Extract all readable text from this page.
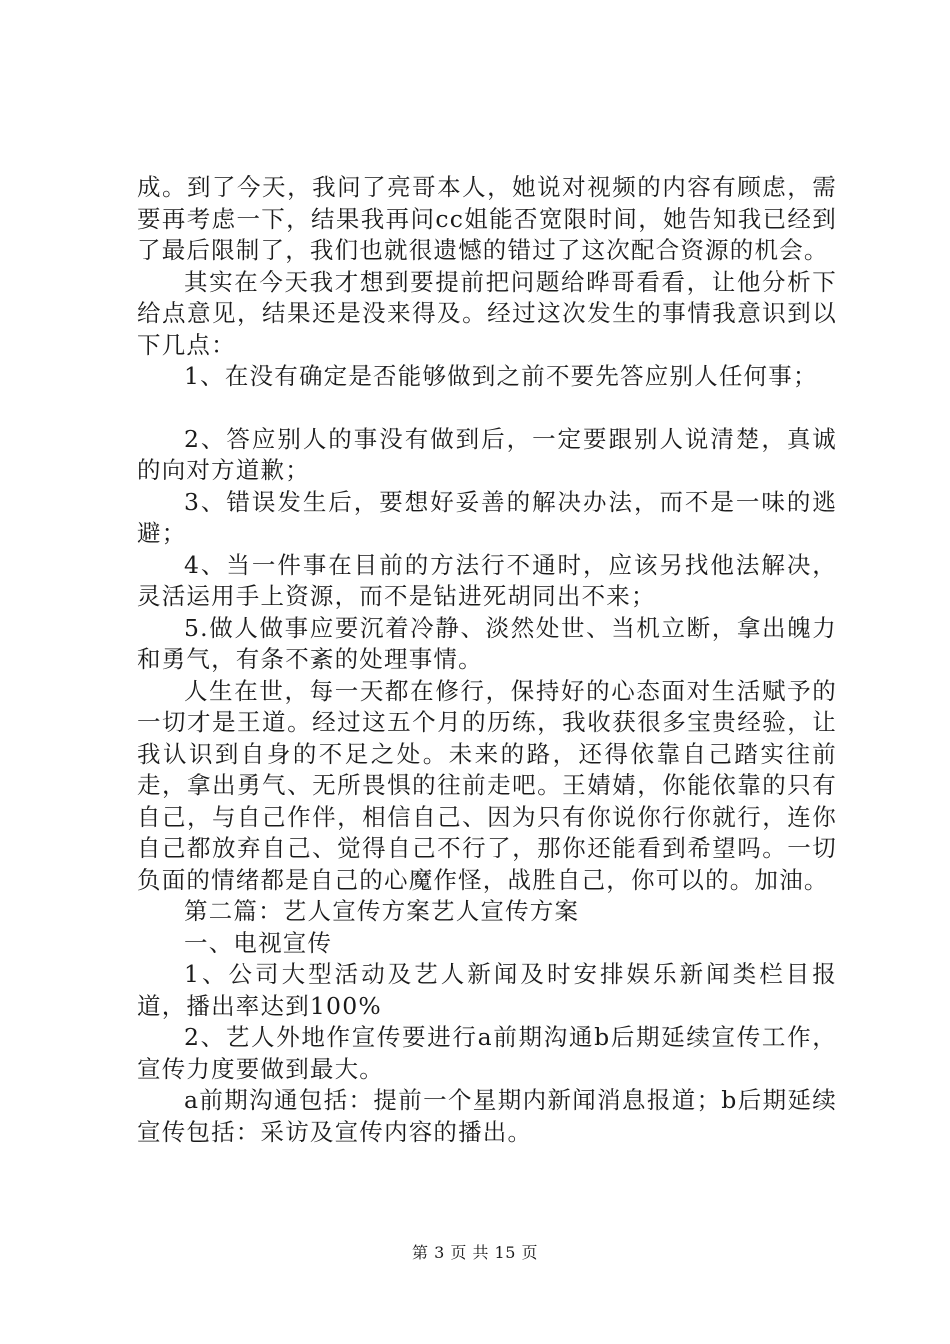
成。到了今天，我问了亮哥本人，她说对视频的内容有顾虑，需要再考虑一下，结果我再问cc姐能否宽限时间，她告知我已经到了最后限制了，我们也就很遗憾的错过了这次配合资源的机会。

其实在今天我才想到要提前把问题给晔哥看看，让他分析下给点意见，结果还是没来得及。经过这次发生的事情我意识到以下几点：

1、在没有确定是否能够做到之前不要先答应别人任何事；

2、答应别人的事没有做到后，一定要跟别人说清楚，真诚的向对方道歉；

3、错误发生后，要想好妥善的解决办法，而不是一味的逃避；

4、当一件事在目前的方法行不通时，应该另找他法解决，灵活运用手上资源，而不是钻进死胡同出不来；

5.做人做事应要沉着冷静、淡然处世、当机立断，拿出魄力和勇气，有条不紊的处理事情。

人生在世，每一天都在修行，保持好的心态面对生活赋予的一切才是王道。经过这五个月的历练，我收获很多宝贵经验，让我认识到自身的不足之处。未来的路，还得依靠自己踏实往前走，拿出勇气、无所畏惧的往前走吧。王婧婧，你能依靠的只有自己，与自己作伴，相信自己、因为只有你说你行你就行，连你自己都放弃自己、觉得自己不行了，那你还能看到希望吗。一切负面的情绪都是自己的心魔作怪，战胜自己，你可以的。加油。

第二篇：艺人宣传方案艺人宣传方案

一、电视宣传

1、公司大型活动及艺人新闻及时安排娱乐新闻类栏目报道，播出率达到100%

2、艺人外地作宣传要进行a前期沟通b后期延续宣传工作，宣传力度要做到最大。

a前期沟通包括：提前一个星期内新闻消息报道；b后期延续宣传包括：采访及宣传内容的播出。

第 3 页 共 15 页
